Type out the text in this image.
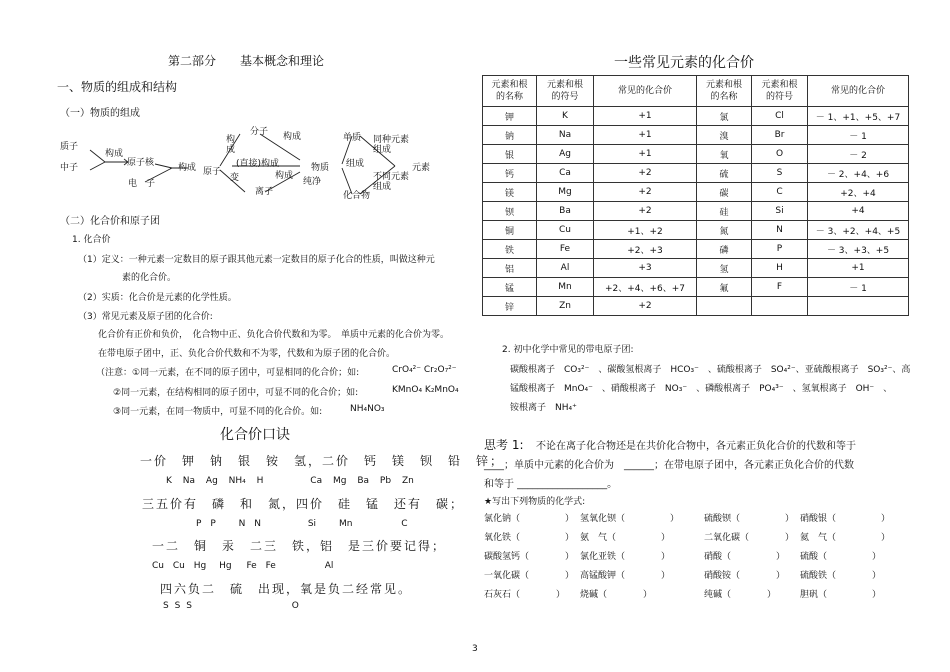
第二部分　　基本概念和理论
一、物质的组成和结构
（一）物质的组成
质子
中子
电　子
构成
原子核	构成 原子
分子
离子
构成
构成
(直接)构成
变	构成
物质
单质
化合物
组成
纯净
同种元素组成
不同元素组成
元素
（二）化合价和原子团
1. 化合价
（1）定义：一种元素一定数目的原子跟其他元素一定数目的原子化合的性质，叫做这种元
素的化合价。
（2）实质：化合价是元素的化学性质。
（3）常见元素及原子团的化合价:
化合价有正价和负价，　化合物中正、负化合价代数和为零。　单质中元素的化合价为零。
在带电原子团中，正、负化合价代数和不为零，代数和为原子团的化合价。
（注意：①同一元素，在不同的原子团中，可显相同的化合价；如:	CrO₄²⁻ Cr₂O₇²⁻
②同一元素，在结构相同的原子团中，可显不同的化合价；如:	KMnO₄ K₂MnO₄
③同一元素，在同一物质中，可显不同的化合价。如:	NH₄NO₃
化合价口诀
一价　钾　钠　银　铵　氢，二价　钙　镁　钡　铅　锌；
K Na Ag NH₄ H	Ca Mg Ba Pb Zn
三五价有　磷　和　氮，四价　硅　锰　还有　碳；
P P	N N	Si	Mn	C
一二　铜　汞　二三　铁，铝　是三价要记得；
Cu Cu Hg Hg Fe Fe	Al
四六负二　硫　出现，氧是负二经常见。
S S S	O
一些常见元素的化合价
元素和根的名称	元素和根的符号	常见的化合价	元素和根的名称	元素和根的符号	常见的化合价
钾	K	+1	氯	Cl	－ 1、+1、+5、+7
钠	Na	+1	溴	Br	－ 1
银	Ag	+1	氧	O	－ 2
钙	Ca	+2	硫	S	－ 2、+4、+6
镁	Mg	+2	碳	C	+2、+4
钡	Ba	+2	硅	Si	+4
铜	Cu	+1、+2	氮	N	－ 3、+2、+4、+5
铁	Fe	+2、+3	磷	P	－ 3、+3、+5
铝	Al	+3	氢	H	+1
锰	Mn	+2、+4、+6、+7	氟	F	－ 1
锌	Zn	+2			
2. 初中化学中常见的带电原子团:
碳酸根离子　CO₃²⁻　、碳酸氢根离子　HCO₃⁻　、硫酸根离子　SO₄²⁻、亚硫酸根离子　SO₃²⁻、高
锰酸根离子　MnO₄⁻　、硝酸根离子　NO₃⁻　、磷酸根离子　PO₄³⁻　、氢氧根离子　OH⁻　、
铵根离子　NH₄⁺
思考 1: 不论在离子化合物还是在共价化合物中，各元素正负化合价的代数和等于
____；单质中元素的化合价为　______；在带电原子团中，各元素正负化合价的代数
和等于 __________________。
★写出下列物质的化学式:
氯化钠（　　　　　） 氢氧化钡（　　　　　）	硫酸钡（　　　　　） 硝酸银（　　　　　）
氧化铁（　　　　　） 氨　气（　　　　　）	二氧化碳（　　　　） 氦　气（　　　　　）
碳酸氢钙（　　　　） 氯化亚铁（　　　　）	硝酸（　　　　　） 硫酸（　　　　　）
一氧化碳（　　　　） 高锰酸钾（　　　　）	硝酸铵（　　　　） 硫酸铁（　　　　）
石灰石（　　　　） 烧碱（　　　　）	纯碱（　　　　）	胆矾（　　　　　）
3
